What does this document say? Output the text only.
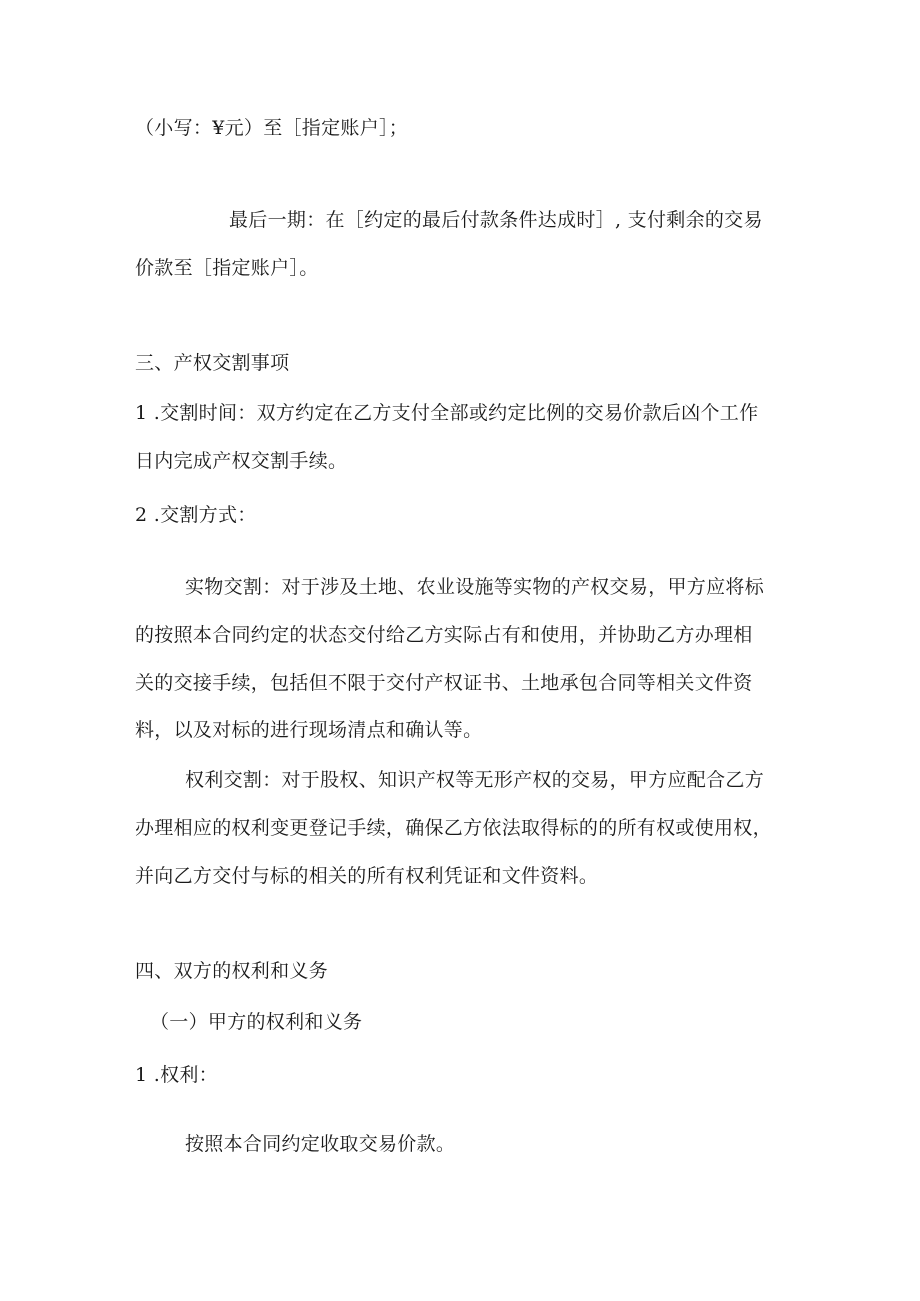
（小写：¥元）至［指定账户］；
最后一期：在［约定的最后付款条件达成时］, 支付剩余的交易
价款至［指定账户］。
三、产权交割事项
1 .交割时间：双方约定在乙方支付全部或约定比例的交易价款后凶个工作
日内完成产权交割手续。
2 .交割方式：
实物交割：对于涉及土地、农业设施等实物的产权交易，甲方应将标
的按照本合同约定的状态交付给乙方实际占有和使用，并协助乙方办理相
关的交接手续，包括但不限于交付产权证书、土地承包合同等相关文件资
料，以及对标的进行现场清点和确认等。
权利交割：对于股权、知识产权等无形产权的交易，甲方应配合乙方
办理相应的权利变更登记手续，确保乙方依法取得标的的所有权或使用权，
并向乙方交付与标的相关的所有权利凭证和文件资料。
四、双方的权利和义务
（一）甲方的权利和义务
1 .权利：
按照本合同约定收取交易价款。
